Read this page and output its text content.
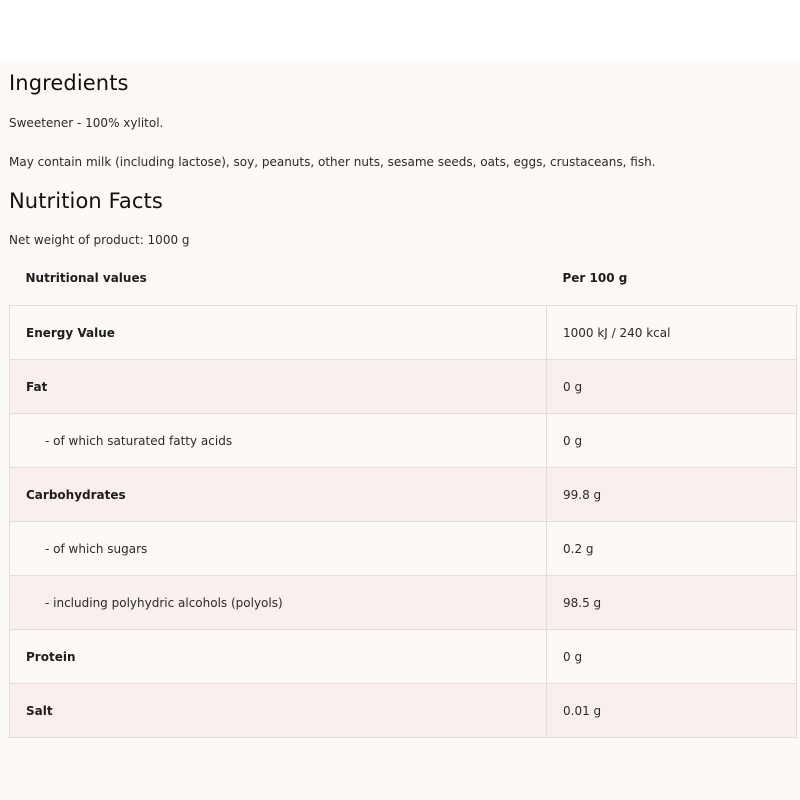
Ingredients

Sweetener - 100% xylitol.

May contain milk (including lactose), soy, peanuts, other nuts, sesame seeds, oats, eggs, crustaceans, fish.

Nutrition Facts

Net weight of product: 1000 g

Nutritional values	Per 100 g
Energy Value	1000 kJ / 240 kcal
Fat	0 g
- of which saturated fatty acids	0 g
Carbohydrates	99.8 g
- of which sugars	0.2 g
- including polyhydric alcohols (polyols)	98.5 g
Protein	0 g
Salt	0.01 g
